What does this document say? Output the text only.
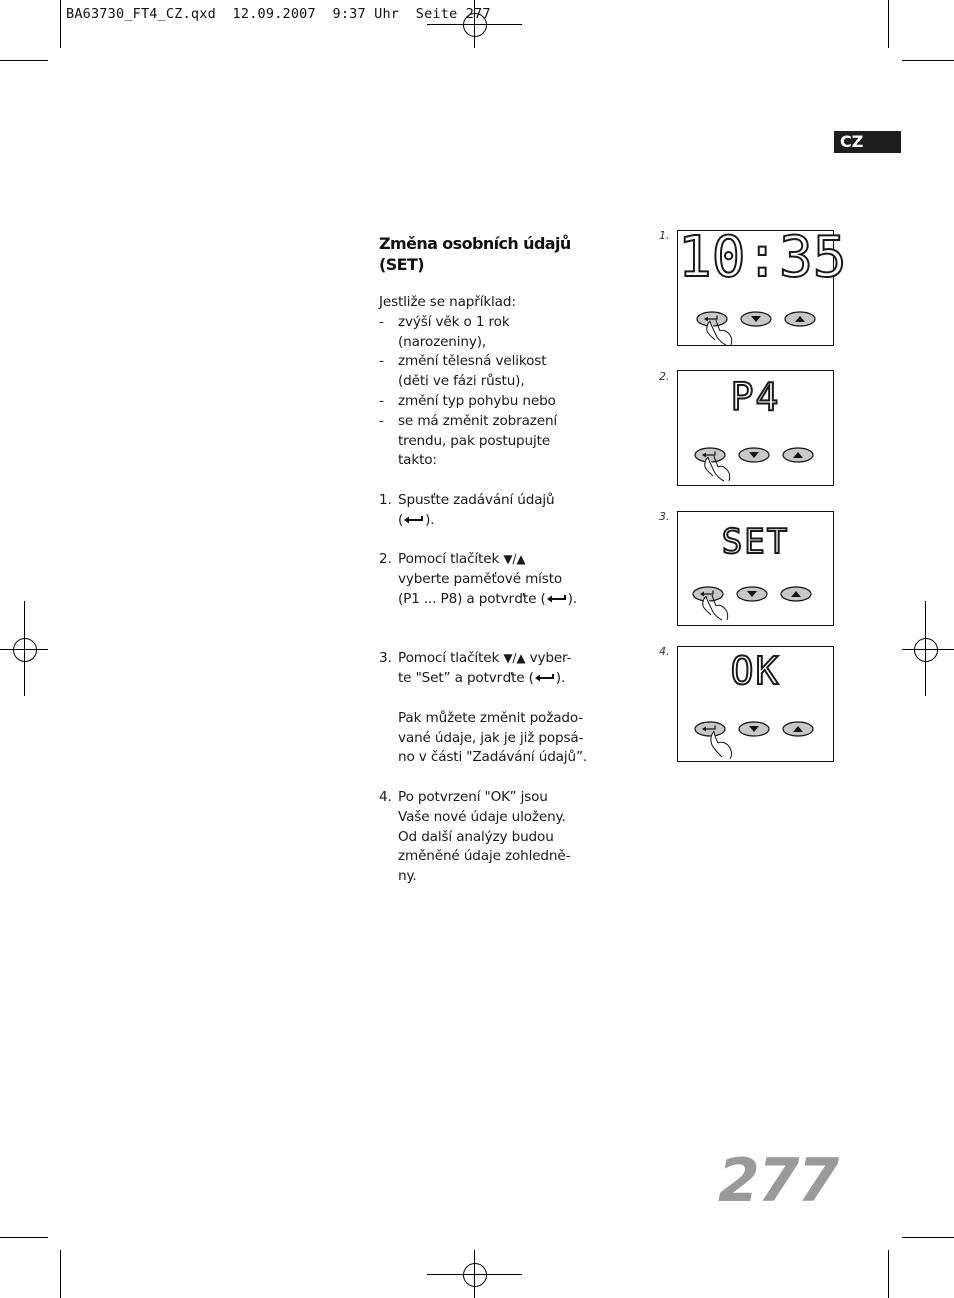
BA63730_FT4_CZ.qxd  12.09.2007  9:37 Uhr  Seite 277
CZ
Změna osobních údajů
(SET)
Jestliže se například:
-	zvýší věk o 1 rok
(narozeniny),
-	změní tělesná velikost
(děti ve fázi růstu),
-	změní typ pohybu nebo
-	se má změnit zobrazení
trendu, pak postupujte
takto:
1. Spusťte zadávání údajů
( ).
2. Pomocí tlačítek ▼/▲
vyberte paměťové místo
(P1 ... P8) a potvrďte ( ).
3. Pomocí tlačítek ▼/▲ vyber-
te "Set” a potvrďte ( ).
Pak můžete změnit požado-
vané údaje, jak je již popsá-
no v části "Zadávání údajů”.
4. Po potvrzení "OK” jsou
Vaše nové údaje uloženy.
Od další analýzy budou
změněné údaje zohledně-
ny.
1. 10:35
2.	P4
3.
SET
4.	OK
277
